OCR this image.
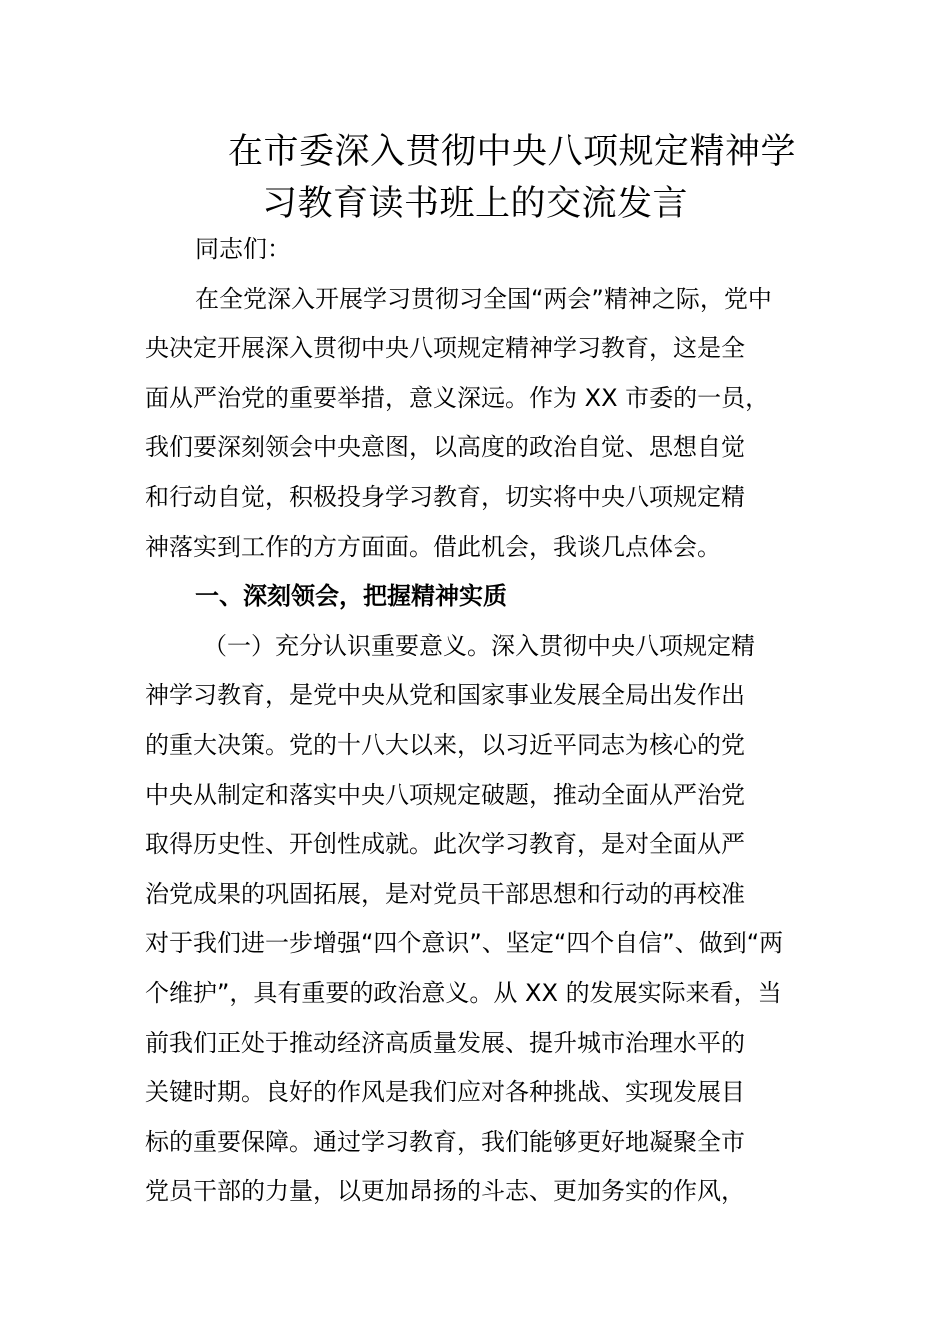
在市委深入贯彻中央八项规定精神学
习教育读书班上的交流发言
同志们：
在全党深入开展学习贯彻习全国“两会”精神之际，党中
央决定开展深入贯彻中央八项规定精神学习教育，这是全
面从严治党的重要举措，意义深远。作为 XX 市委的一员，
我们要深刻领会中央意图，以高度的政治自觉、思想自觉
和行动自觉，积极投身学习教育，切实将中央八项规定精
神落实到工作的方方面面。借此机会，我谈几点体会。
一、深刻领会，把握精神实质
（一）充分认识重要意义。深入贯彻中央八项规定精
神学习教育，是党中央从党和国家事业发展全局出发作出
的重大决策。党的十八大以来，以习近平同志为核心的党
中央从制定和落实中央八项规定破题，推动全面从严治党
取得历史性、开创性成就。此次学习教育，是对全面从严
治党成果的巩固拓展，是对党员干部思想和行动的再校准
对于我们进一步增强“四个意识”、坚定“四个自信”、做到“两
个维护”，具有重要的政治意义。从 XX 的发展实际来看，当
前我们正处于推动经济高质量发展、提升城市治理水平的
关键时期。良好的作风是我们应对各种挑战、实现发展目
标的重要保障。通过学习教育，我们能够更好地凝聚全市
党员干部的力量，以更加昂扬的斗志、更加务实的作风，
